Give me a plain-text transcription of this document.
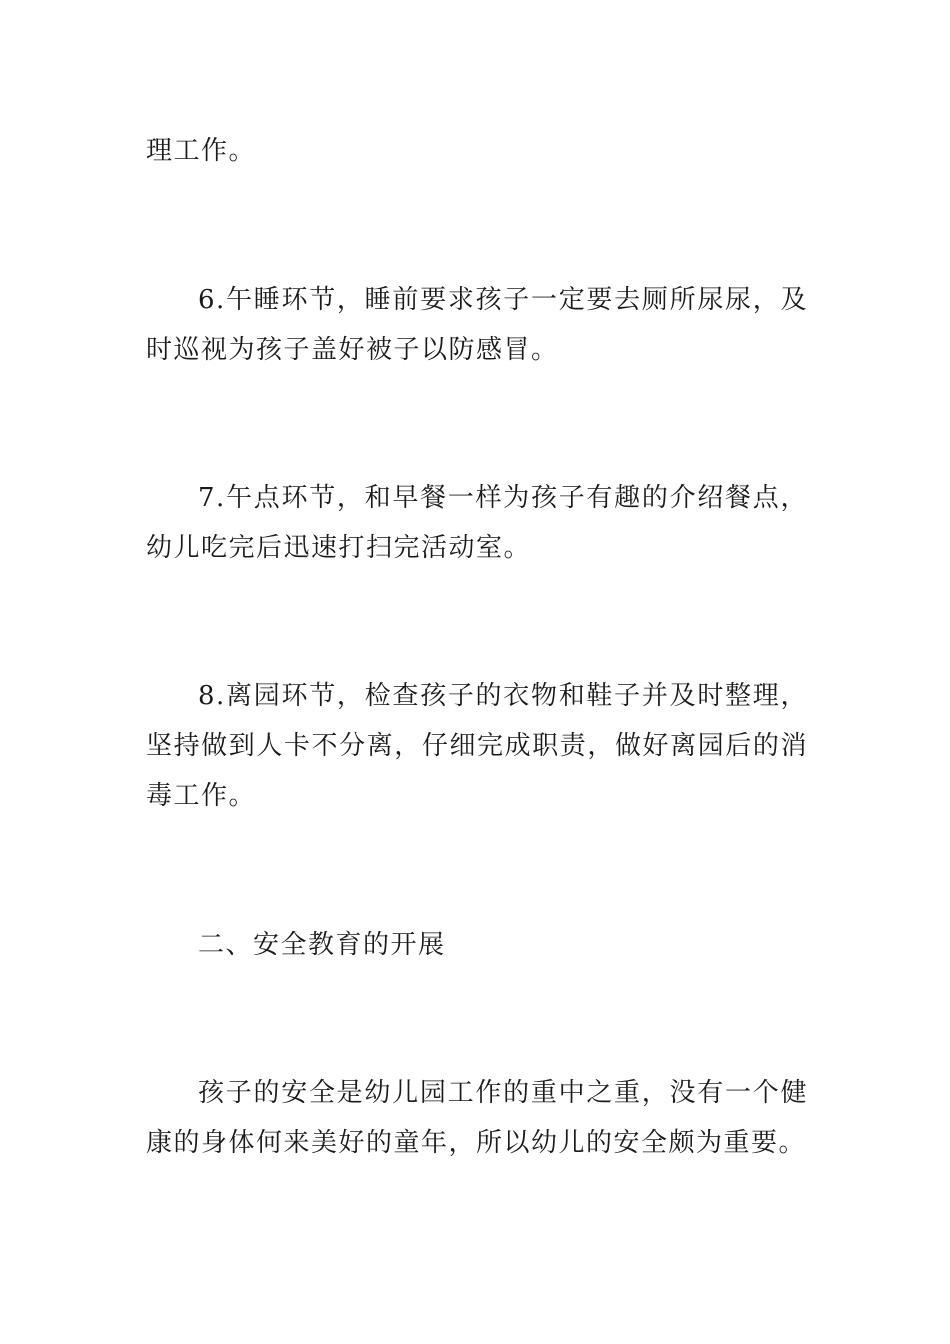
理工作。

6.午睡环节，睡前要求孩子一定要去厕所尿尿，及时巡视为孩子盖好被子以防感冒。

7.午点环节，和早餐一样为孩子有趣的介绍餐点，幼儿吃完后迅速打扫完活动室。

8.离园环节，检查孩子的衣物和鞋子并及时整理，坚持做到人卡不分离，仔细完成职责，做好离园后的消毒工作。

二、安全教育的开展

孩子的安全是幼儿园工作的重中之重，没有一个健康的身体何来美好的童年，所以幼儿的安全颇为重要。
